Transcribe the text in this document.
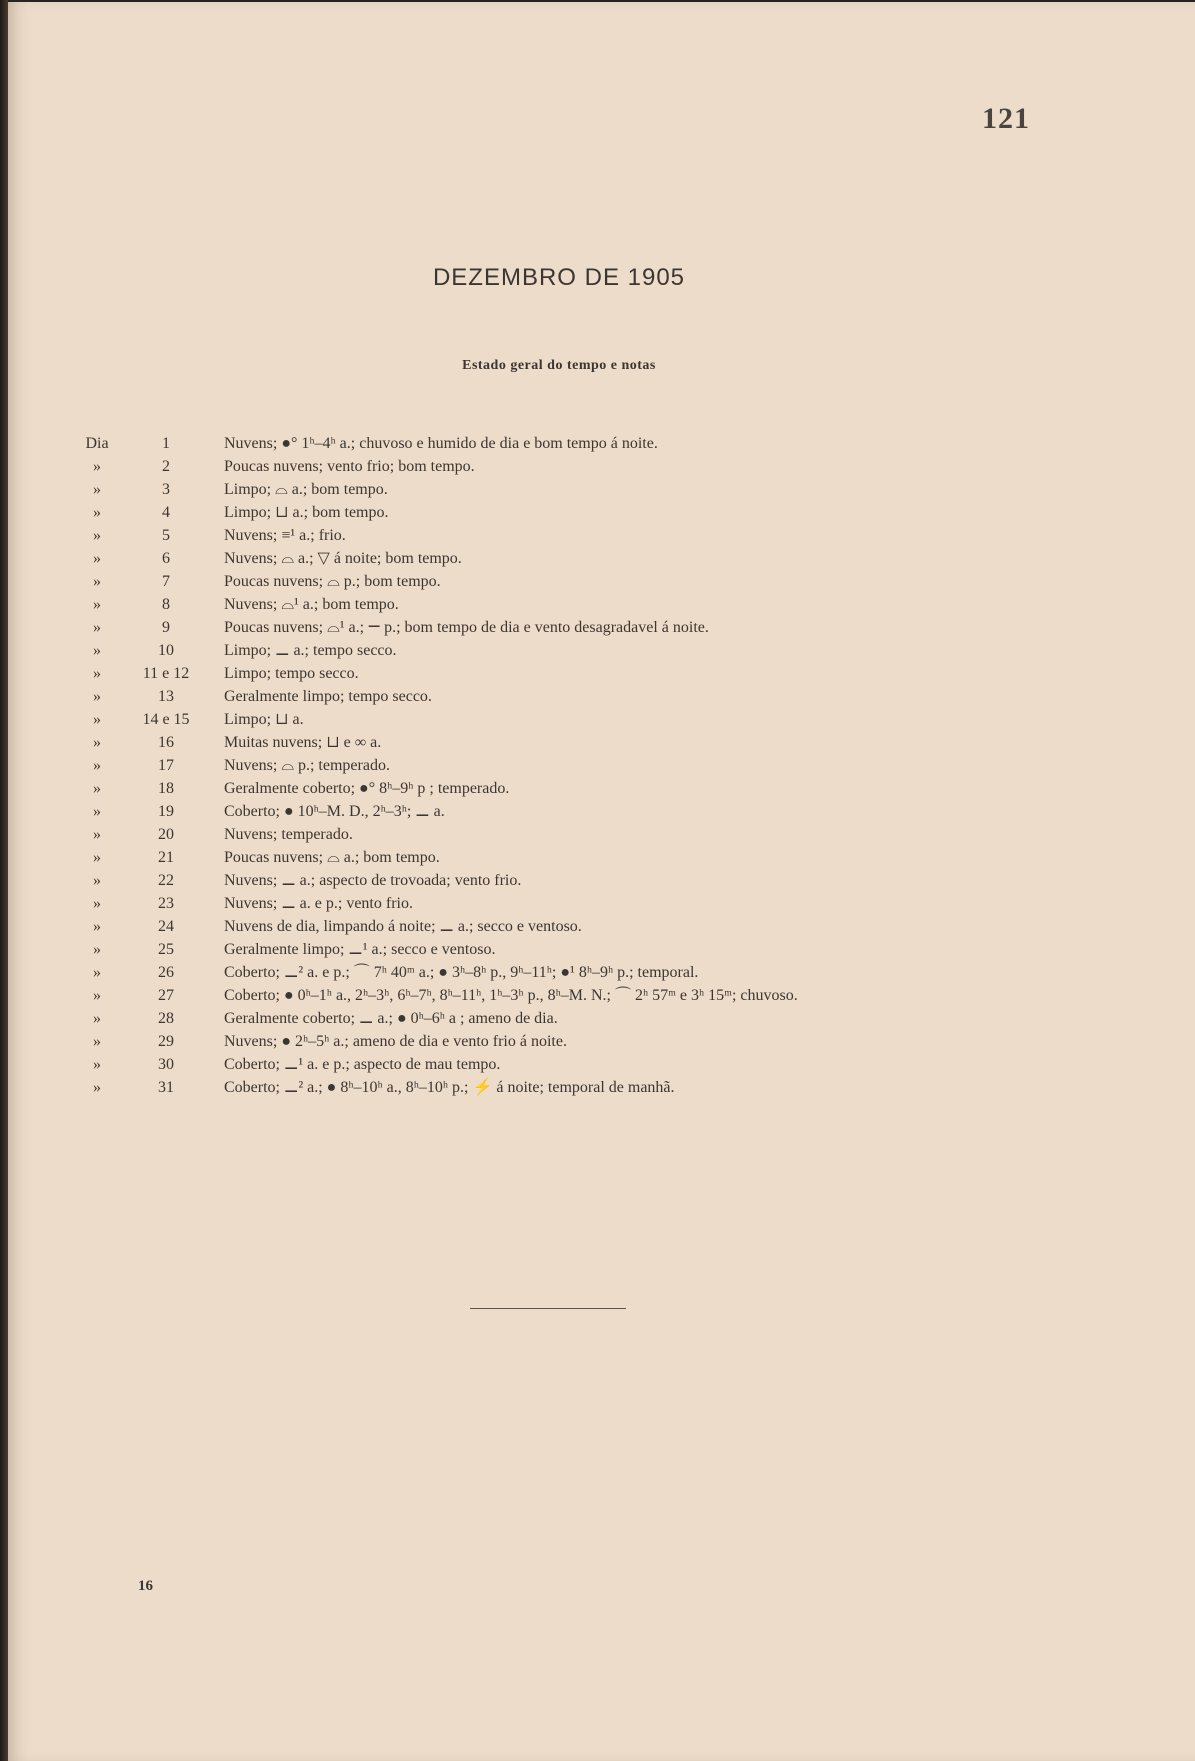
121
DEZEMBRO DE 1905
Estado geral do tempo e notas
Dia	1	Nuvens; ●° 1ʰ–4ʰ a.; chuvoso e humido de dia e bom tempo á noite.
»	2	Poucas nuvens; vento frio; bom tempo.
»	3	Limpo; ⌓ a.; bom tempo.
»	4	Limpo; ⊔ a.; bom tempo.
»	5	Nuvens; ≡¹ a.; frio.
»	6	Nuvens; ⌓ a.; ▽ á noite; bom tempo.
»	7	Poucas nuvens; ⌓ p.; bom tempo.
»	8	Nuvens; ⌓¹ a.; bom tempo.
»	9	Poucas nuvens; ⌓¹ a.; ⚊ p.; bom tempo de dia e vento desagradavel á noite.
»	10	Limpo; ⚊ a.; tempo secco.
»	11 e 12	Limpo; tempo secco.
»	13	Geralmente limpo; tempo secco.
»	14 e 15	Limpo; ⊔ a.
»	16	Muitas nuvens; ⊔ e ∞ a.
»	17	Nuvens; ⌓ p.; temperado.
»	18	Geralmente coberto; ●° 8ʰ–9ʰ p ; temperado.
»	19	Coberto; ● 10ʰ–M. D., 2ʰ–3ʰ; ⚊ a.
»	20	Nuvens; temperado.
»	21	Poucas nuvens; ⌓ a.; bom tempo.
»	22	Nuvens; ⚊ a.; aspecto de trovoada; vento frio.
»	23	Nuvens; ⚊ a. e p.; vento frio.
»	24	Nuvens de dia, limpando á noite; ⚊ a.; secco e ventoso.
»	25	Geralmente limpo; ⚊¹ a.; secco e ventoso.
»	26	Coberto; ⚊² a. e p.; ⌒ 7ʰ 40ᵐ a.; ● 3ʰ–8ʰ p., 9ʰ–11ʰ; ●¹ 8ʰ–9ʰ p.; temporal.
»	27	Coberto; ● 0ʰ–1ʰ a., 2ʰ–3ʰ, 6ʰ–7ʰ, 8ʰ–11ʰ, 1ʰ–3ʰ p., 8ʰ–M. N.; ⌒ 2ʰ 57ᵐ e 3ʰ 15ᵐ; chuvoso.
»	28	Geralmente coberto; ⚊ a.; ● 0ʰ–6ʰ a ; ameno de dia.
»	29	Nuvens; ● 2ʰ–5ʰ a.; ameno de dia e vento frio á noite.
»	30	Coberto; ⚊¹ a. e p.; aspecto de mau tempo.
»	31	Coberto; ⚊² a.; ● 8ʰ–10ʰ a., 8ʰ–10ʰ p.; ⚡ á noite; temporal de manhã.
16
